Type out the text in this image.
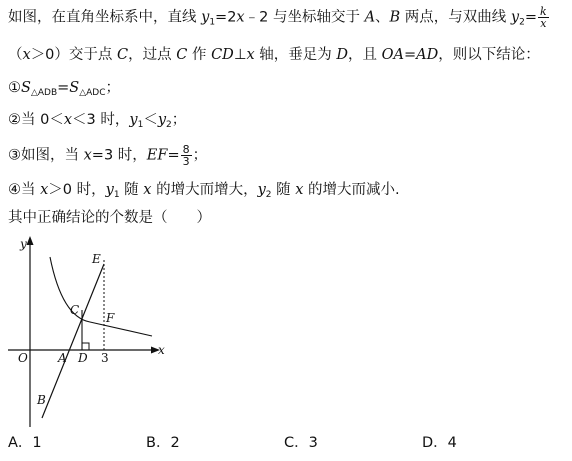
如图，在直角坐标系中，直线 $y_1=2x﹣2$ 与坐标轴交于 A、B 两点，与双曲线 $y_2= \frac{k}{x}$
（x＞0）交于点 C，过点 C 作 CD⊥x 轴，垂足为 D，且 OA=AD，则以下结论：
$①S_{\triangle ADB}=S_{\triangle ADC}$；
②当 0＜x＜3 时，$y_1<y_2$；
③如图，当 x=3 时，$EF= \frac{8}{3}$ ；
④当 x＞0 时，$y_1$ 随 x 的增大而增大，$y_2$ 随 x 的增大而减小.
其中正确结论的个数是（　　）
y
x
O	A D 3
B
C
F
E
A．1	B．2	C．3	D．4
